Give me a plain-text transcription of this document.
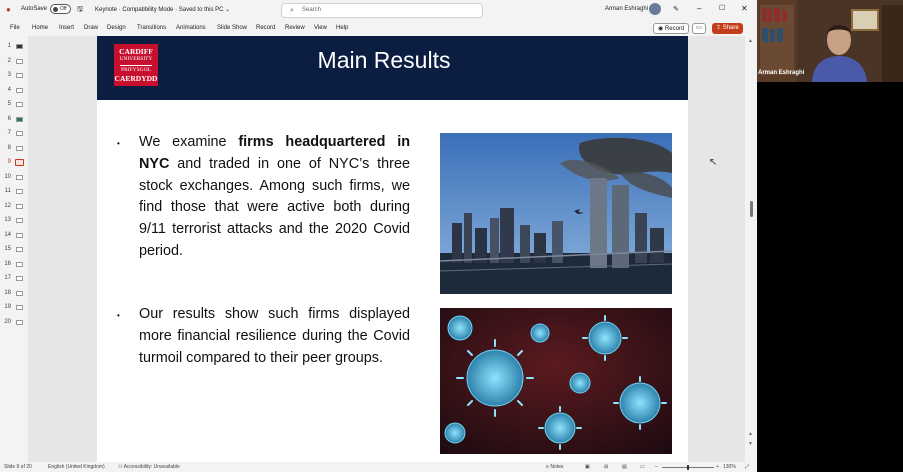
● AutoSave	Off 🖫 Keynote · Compatibility Mode · Saved to this PC ⌄	⌕ Search	Arman Eshraghi	✎ –	☐ ✕
File Home Insert Draw Design Transitions Animations Slide Show Record Review View Help	◉ Record	▭	⇪ Share
1
2
3
4
5
6
7
8
9
10
11
12
13
14
15
16
17
18
19
20
CARDIFF
UNIVERSITY
PRIFYSGOL
CAERDYDD
Main Results
• We examine firms headquartered in NYC and traded in one of NYC’s three stock exchanges. Among such firms, we find those that were active both during 9/11 terrorist attacks and the 2020 Covid period.
• Our results show such firms displayed more financial resilience during the Covid turmoil compared to their peer groups.
▲
▲
▼
Slide 9 of 20	English (United Kingdom)	⚇ Accessibility: Unavailable	≡ Notes	▣	⊞	▤	▭ –	+ 130% ⤢
↖
Arman Eshraghi
